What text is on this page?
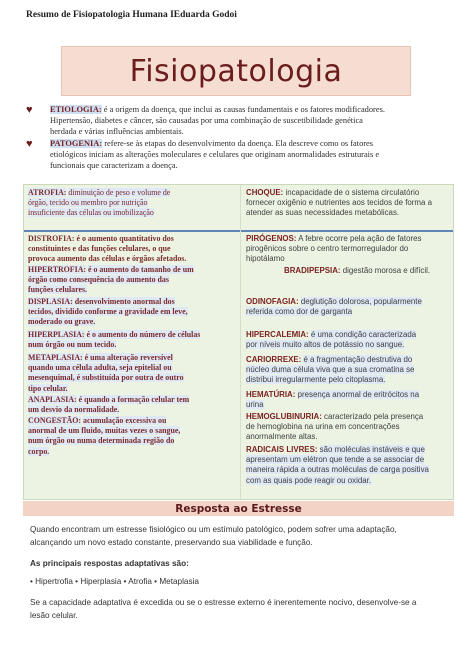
Resumo de Fisiopatologia Humana IEduarda Godoi
Fisiopatologia
♥ ETIOLOGIA: é a origem da doença, que inclui as causas fundamentais e os fatores modificadores.
Hipertensão, diabetes e câncer, são causadas por uma combinação de suscetibilidade genética
herdada e várias influências ambientais.
♥ PATOGENIA: refere-se às etapas do desenvolvimento da doença. Ela descreve como os fatores
etiológicos iniciam as alterações moleculares e celulares que originam anormalidades estruturais e
funcionais que caracterizam a doença.
ATROFIA: diminuição de peso e volume de
órgão, tecido ou membro por nutrição
insuficiente das células ou imobilização
DISTROFIA: é o aumento quantitativo dos
constituintes e das funções celulares, o que
provoca aumento das células e órgãos afetados.
HIPERTROFIA: é o aumento do tamanho de um
órgão como consequência do aumento das
funções celulares.
DISPLASIA: desenvolvimento anormal dos
tecidos, dividido conforme a gravidade em leve,
moderado ou grave.
HIPERPLASIA: é o aumento do número de células
num órgão ou num tecido.
METAPLASIA: é uma alteração reversível
quando uma célula adulta, seja epitelial ou
mesenquimal, é substituída por outra de outro
tipo celular.
ANAPLASIA: é quando a formação celular tem
um desvio da normalidade.
CONGESTÃO: acumulação excessiva ou
anormal de um fluido, muitas vezes o sangue,
num órgão ou numa determinada região do
corpo.
CHOQUE: incapacidade de o sistema circulatório
fornecer oxigênio e nutrientes aos tecidos de forma a
atender as suas necessidades metabólicas.
PIRÓGENOS: A febre ocorre pela ação de fatores
pirogênicos sobre o centro termorregulador do
hipotálamo
BRADIPEPSIA: digestão morosa e difícil.
ODINOFAGIA: deglutição dolorosa, popularmente
referida como dor de garganta
HIPERCALEMIA: é uma condição caracterizada
por níveis muito altos de potássio no sangue.
CARIORREXE: é a fragmentação destrutiva do
núcleo duma célula viva que a sua cromatina se
distribui irregularmente pelo citoplasma.
HEMATÚRIA: presença anormal de eritrócitos na
urina
HEMOGLUBINURIA: caracterizado pela presença
de hemoglobina na urina em concentrações
anormalmente altas.
RADICAIS LIVRES: são moléculas instáveis e que
apresentam um elétron que tende a se associar de
maneira rápida a outras moléculas de carga positiva
com as quais pode reagir ou oxidar.
Resposta ao Estresse
Quando encontram um estresse fisiológico ou um estímulo patológico, podem sofrer uma adaptação,
alcançando um novo estado constante, preservando sua viabilidade e função.
As principais respostas adaptativas são:
• Hipertrofia • Hiperplasia • Atrofia • Metaplasia
Se a capacidade adaptativa é excedida ou se o estresse externo é inerentemente nocivo, desenvolve-se a
lesão celular.
